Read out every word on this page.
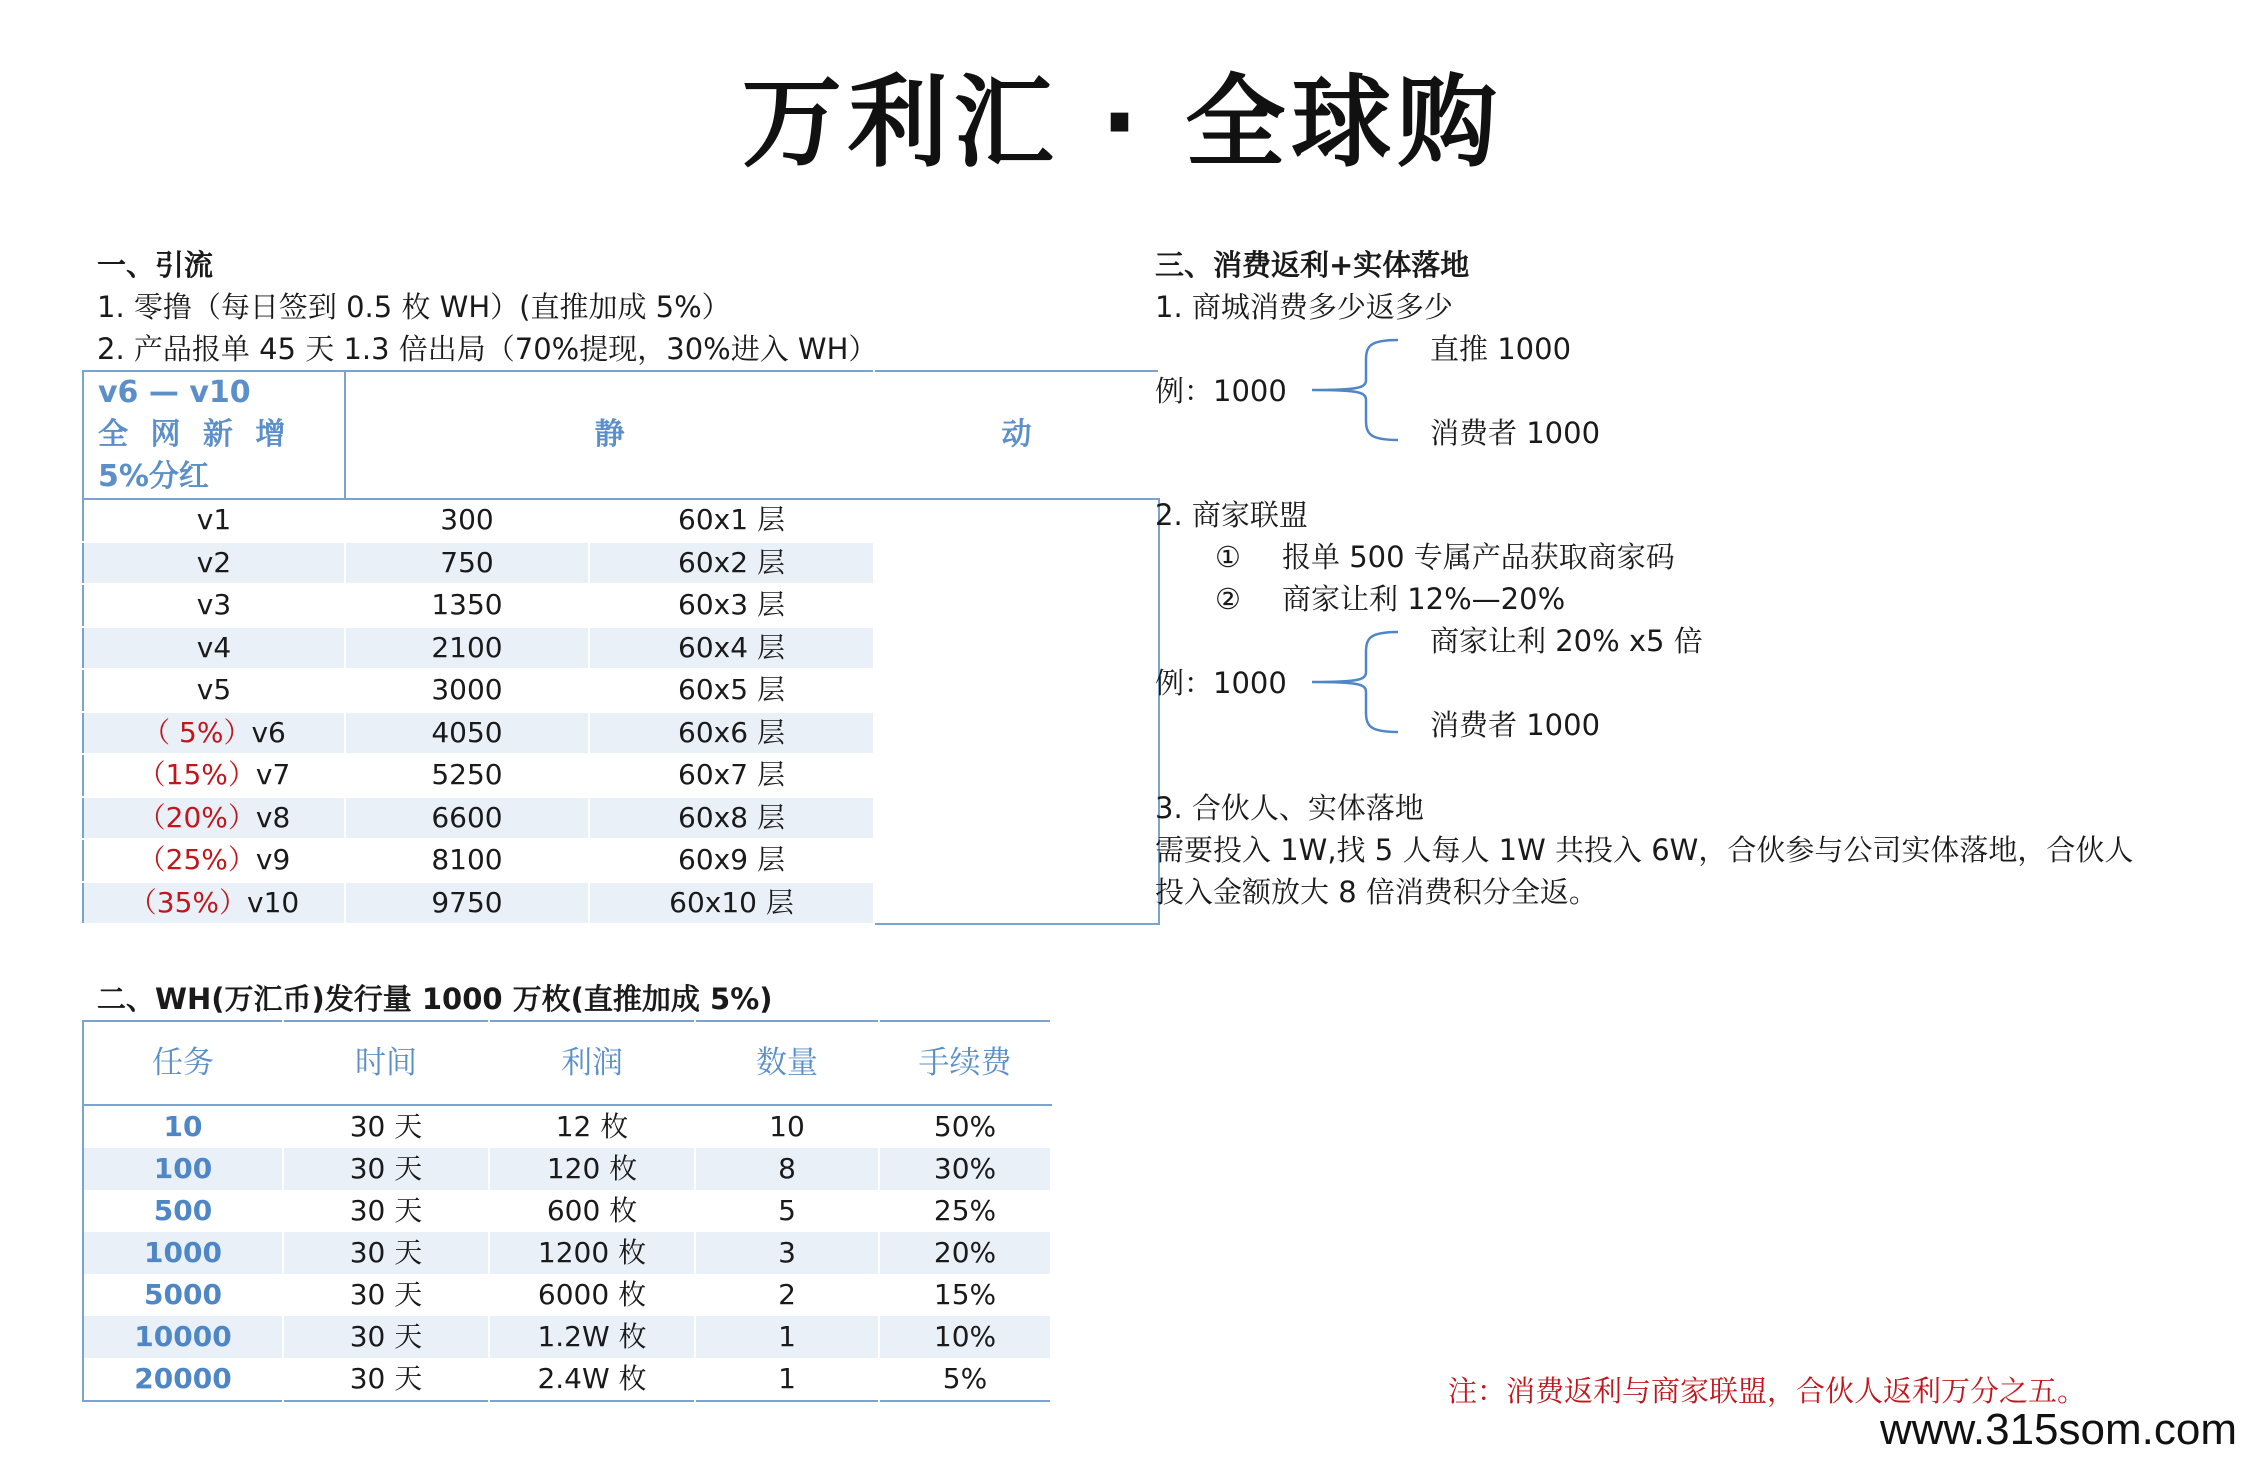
万利汇 · 全球购
一、引流
1. 零撸（每日签到 0.5 枚 WH）(直推加成 5%）
2. 产品报单 45 天 1.3 倍出局（70%提现，30%进入 WH）
v6 — v10
全 网 新 增
5%分红	静		动
v1	300	60x1 层	
v2	750	60x2 层	
v3	1350	60x3 层	
v4	2100	60x4 层	
v5	3000	60x5 层	
（ 5%）v6	4050	60x6 层	
（15%）v7	5250	60x7 层	
（20%）v8	6600	60x8 层	
（25%）v9	8100	60x9 层	
（35%）v10	9750	60x10 层	
二、WH(万汇币)发行量 1000 万枚(直推加成 5%)
任务	时间	利润	数量	手续费
10	30 天	12 枚	10	50%
100	30 天	120 枚	8	30%
500	30 天	600 枚	5	25%
1000	30 天	1200 枚	3	20%
5000	30 天	6000 枚	2	15%
10000	30 天	1.2W 枚	1	10%
20000	30 天	2.4W 枚	1	5%
三、消费返利+实体落地
1. 商城消费多少返多少
直推 1000
例：1000
消费者 1000
2. 商家联盟
① 报单 500 专属产品获取商家码
② 商家让利 12%—20%
商家让利 20% x5 倍
例：1000
消费者 1000
3. 合伙人、实体落地
需要投入 1W,找 5 人每人 1W 共投入 6W，合伙参与公司实体落地，合伙人
投入金额放大 8 倍消费积分全返。
注：消费返利与商家联盟，合伙人返利万分之五。
www.315som.com
